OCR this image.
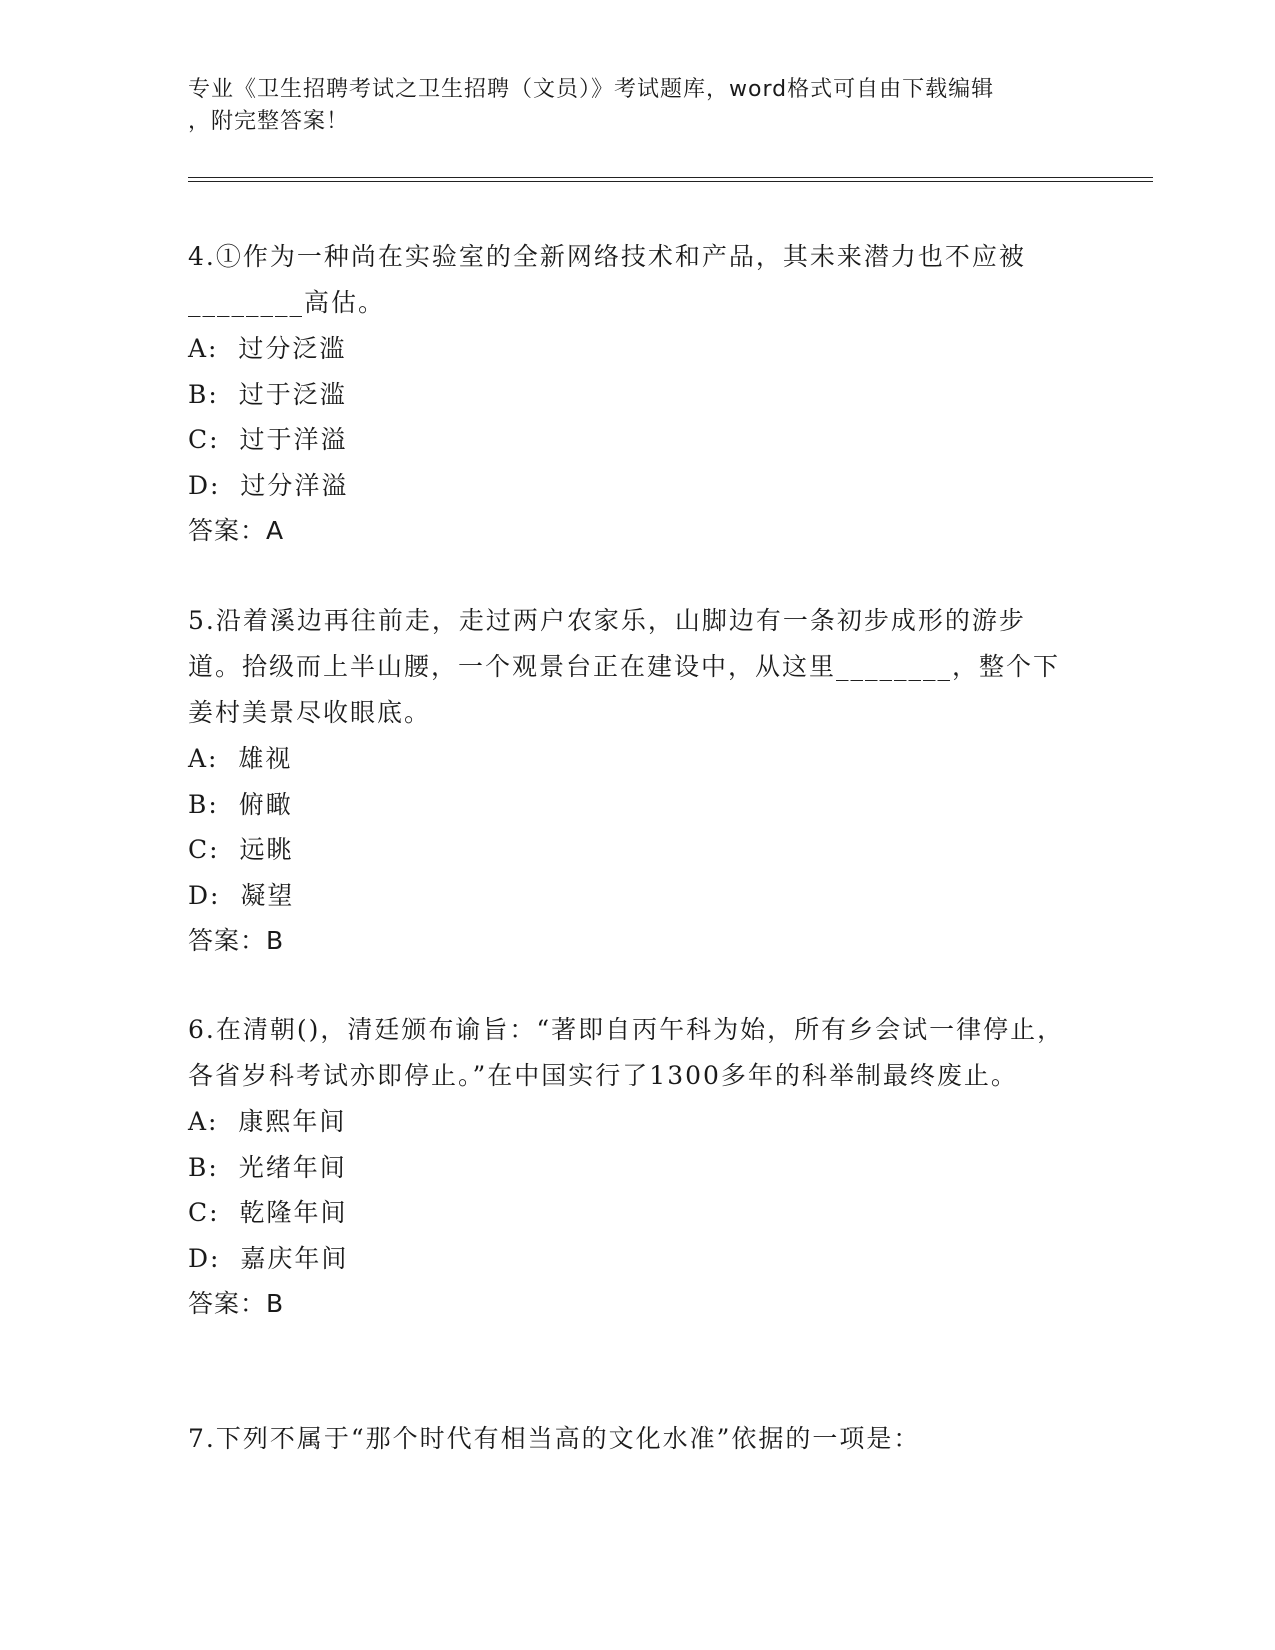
专业《卫生招聘考试之卫生招聘（文员）》考试题库，word格式可自由下载编辑
，附完整答案！

4.①作为一种尚在实验室的全新网络技术和产品，其未来潜力也不应被________高估。

A:  过分泛滥

B:  过于泛滥

C:  过于洋溢

D:  过分洋溢

答案：A

5.沿着溪边再往前走，走过两户农家乐，山脚边有一条初步成形的游步道。拾级而上半山腰，一个观景台正在建设中，从这里________，整个下姜村美景尽收眼底。

A:  雄视

B:  俯瞰

C:  远眺

D:  凝望

答案：B

6.在清朝()，清廷颁布谕旨：“著即自丙午科为始，所有乡会试一律停止，各省岁科考试亦即停止。”在中国实行了1300多年的科举制最终废止。

A:  康熙年间

B:  光绪年间

C:  乾隆年间

D:  嘉庆年间

答案：B

7.下列不属于“那个时代有相当高的文化水准”依据的一项是：
